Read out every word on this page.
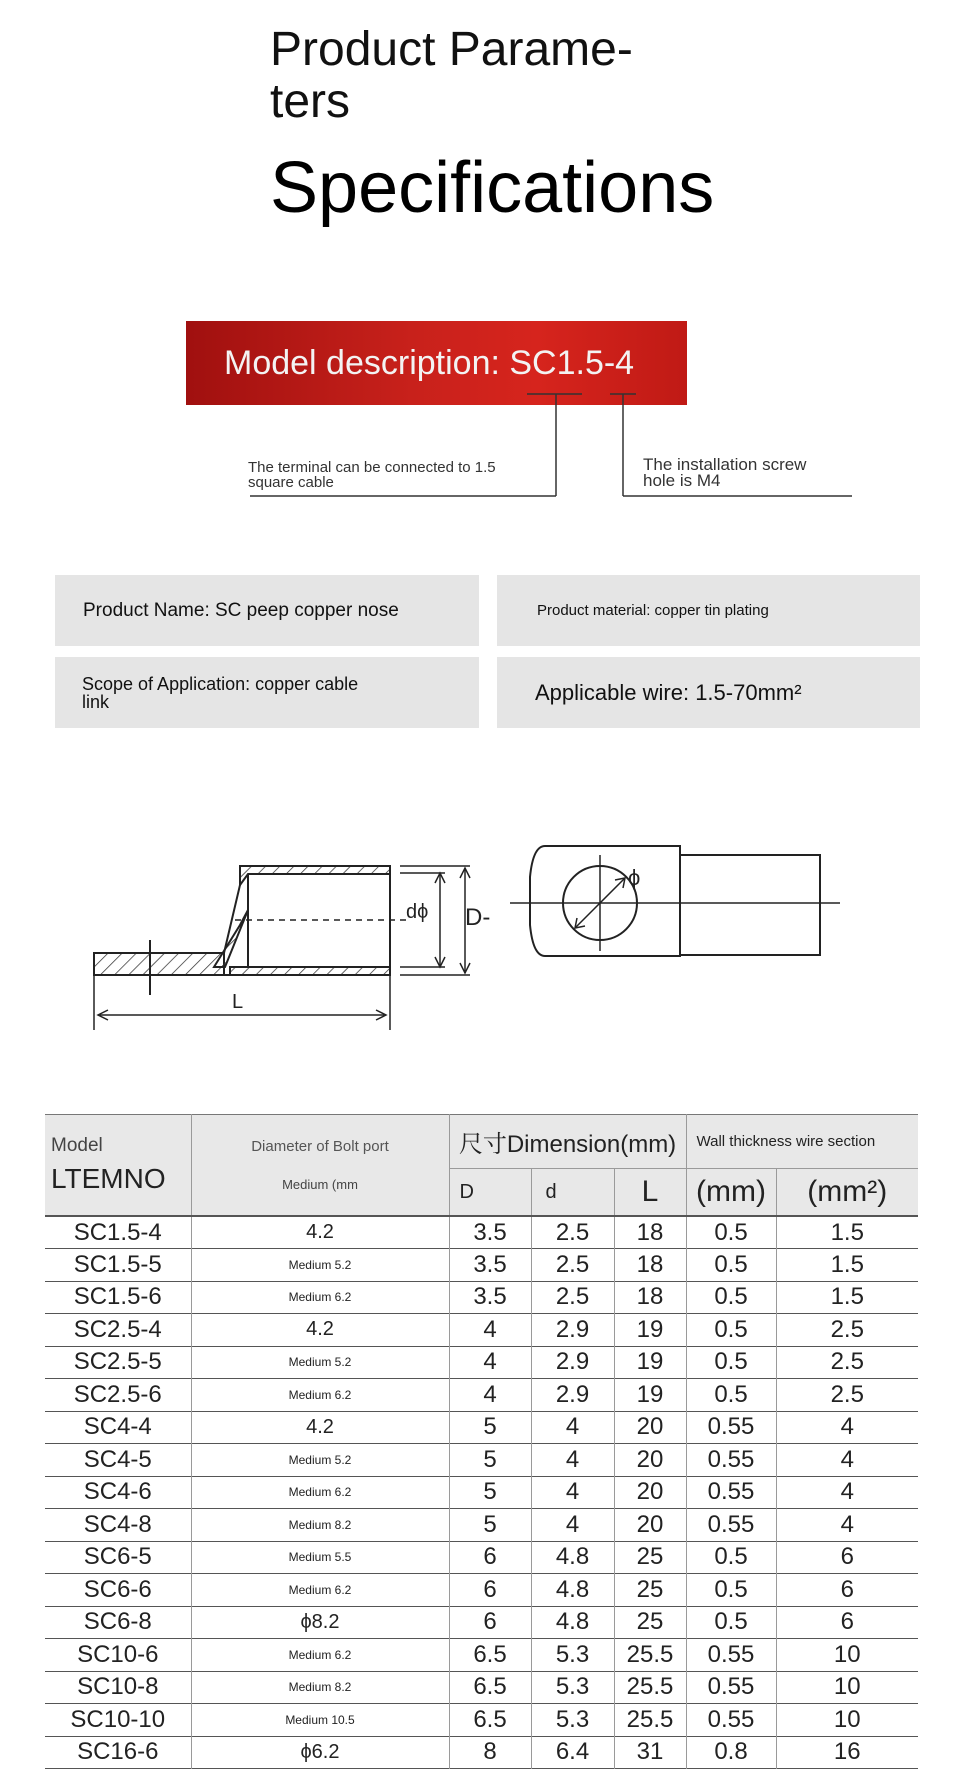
Product Parame-
ters
Specifications
Model description: SC1.5-4
The terminal can be connected to 1.5 square cable
The installation screw hole is M4
Product Name: SC peep copper nose	Product material: copper tin plating
Scope of Application: copper cable link	Applicable wire: 1.5-70mm²
dϕ D-
L
ϕ
Model
LTEMNO	Diameter of Bolt port
Medium (mm	尺寸Dimension(mm)			Wall thickness wire section	
		D	d	L	(mm)	(mm²)
SC1.5-4	4.2	3.5	2.5	18	0.5	1.5
SC1.5-5	Medium 5.2	3.5	2.5	18	0.5	1.5
SC1.5-6	Medium 6.2	3.5	2.5	18	0.5	1.5
SC2.5-4	4.2	4	2.9	19	0.5	2.5
SC2.5-5	Medium 5.2	4	2.9	19	0.5	2.5
SC2.5-6	Medium 6.2	4	2.9	19	0.5	2.5
SC4-4	4.2	5	4	20	0.55	4
SC4-5	Medium 5.2	5	4	20	0.55	4
SC4-6	Medium 6.2	5	4	20	0.55	4
SC4-8	Medium 8.2	5	4	20	0.55	4
SC6-5	Medium 5.5	6	4.8	25	0.5	6
SC6-6	Medium 6.2	6	4.8	25	0.5	6
SC6-8	ϕ8.2	6	4.8	25	0.5	6
SC10-6	Medium 6.2	6.5	5.3	25.5	0.55	10
SC10-8	Medium 8.2	6.5	5.3	25.5	0.55	10
SC10-10	Medium 10.5	6.5	5.3	25.5	0.55	10
SC16-6	ϕ6.2	8	6.4	31	0.8	16
